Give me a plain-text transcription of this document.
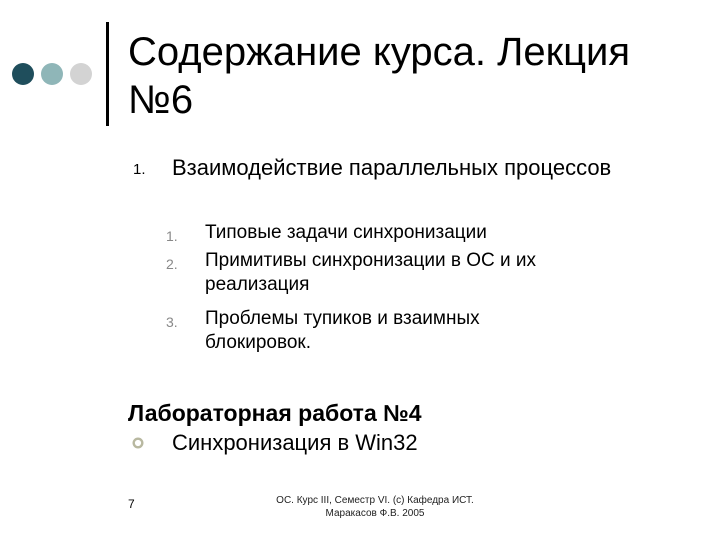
Содержание курса. Лекция
№6
1. Взаимодействие параллельных процессов
1. Типовые задачи синхронизации
2. Примитивы синхронизации в ОС и их
реализация
3. Проблемы тупиков и взаимных
блокировок.
Лабораторная работа №4
Синхронизация в Win32
7	ОС. Курс III, Семестр VI. (с) Кафедра ИСТ.
Маракасов Ф.В. 2005
